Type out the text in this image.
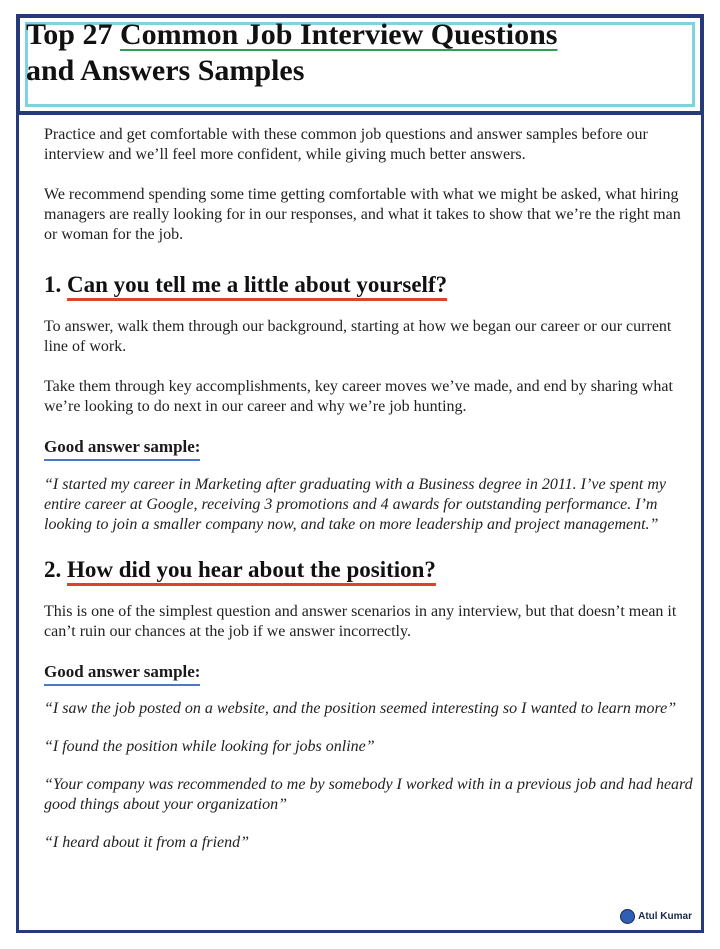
Top 27 Common Job Interview Questions
and Answers Samples

Practice and get comfortable with these common job questions and answer samples before our interview and we’ll feel more confident, while giving much better answers.

We recommend spending some time getting comfortable with what we might be asked, what hiring managers are really looking for in our responses, and what it takes to show that we’re the right man or woman for the job.

1. Can you tell me a little about yourself?

To answer, walk them through our background, starting at how we began our career or our current line of work.

Take them through key accomplishments, key career moves we’ve made, and end by sharing what we’re looking to do next in our career and why we’re job hunting.

Good answer sample:

“I started my career in Marketing after graduating with a Business degree in 2011. I’ve spent my entire career at Google, receiving 3 promotions and 4 awards for outstanding performance. I’m looking to join a smaller company now, and take on more leadership and project management.”

2. How did you hear about the position?

This is one of the simplest question and answer scenarios in any interview, but that doesn’t mean it can’t ruin our chances at the job if we answer incorrectly.

Good answer sample:

“I saw the job posted on a website, and the position seemed interesting so I wanted to learn more”

“I found the position while looking for jobs online”

“Your company was recommended to me by somebody I worked with in a previous job and had heard good things about your organization”

“I heard about it from a friend”

Atul Kumar
